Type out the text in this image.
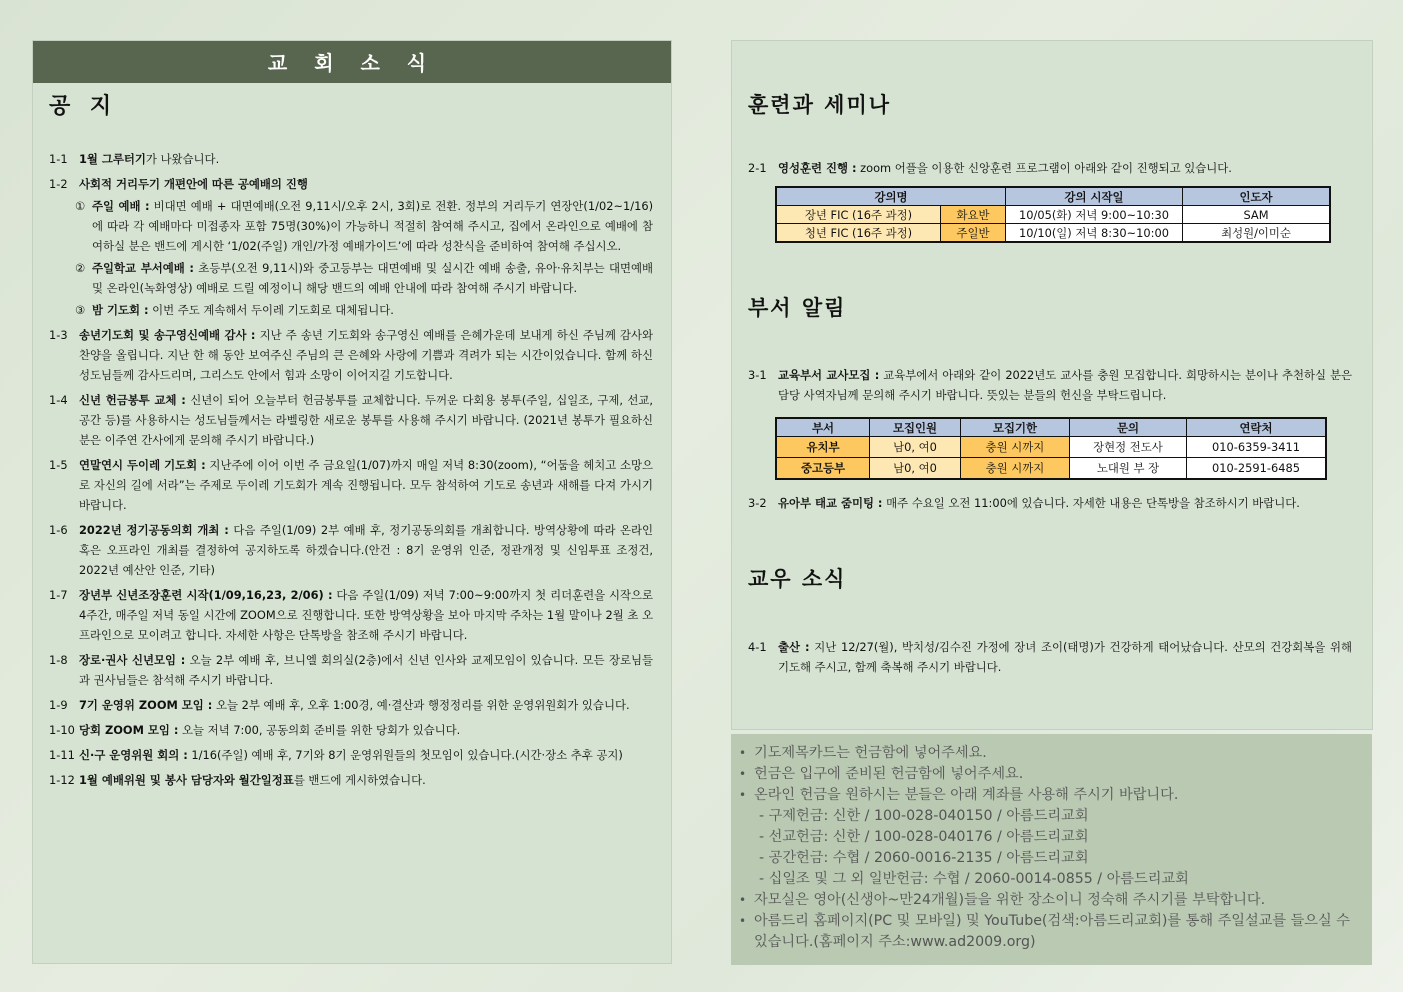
교 회 소 식
공 지
1-1 1월 그루터기가 나왔습니다.
1-2 사회적 거리두기 개편안에 따른 공예배의 진행
① 주일 예배 : 비대면 예배 + 대면예배(오전 9,11시/오후 2시, 3회)로 전환. 정부의 거리두기 연장안(1/02~1/16)에 따라 각 예배마다 미접종자 포함 75명(30%)이 가능하니 적절히 참여해 주시고, 집에서 온라인으로 예배에 참여하실 분은 밴드에 게시한 ‘1/02(주일) 개인/가정 예배가이드’에 따라 성찬식을 준비하여 참여해 주십시오.
② 주일학교 부서예배 : 초등부(오전 9,11시)와 중고등부는 대면예배 및 실시간 예배 송출, 유아·유치부는 대면예배 및 온라인(녹화영상) 예배로 드릴 예정이니 해당 밴드의 예배 안내에 따라 참여해 주시기 바랍니다.
③ 밤 기도회 : 이번 주도 계속해서 두이레 기도회로 대체됩니다.
1-3 송년기도회 및 송구영신예배 감사 : 지난 주 송년 기도회와 송구영신 예배를 은혜가운데 보내게 하신 주님께 감사와 찬양을 올립니다. 지난 한 해 동안 보여주신 주님의 큰 은혜와 사랑에 기쁨과 격려가 되는 시간이었습니다. 함께 하신 성도님들께 감사드리며, 그리스도 안에서 힘과 소망이 이어지길 기도합니다.
1-4 신년 헌금봉투 교체 : 신년이 되어 오늘부터 헌금봉투를 교체합니다. 두꺼운 다회용 봉투(주일, 십일조, 구제, 선교, 공간 등)를 사용하시는 성도님들께서는 라벨링한 새로운 봉투를 사용해 주시기 바랍니다. (2021년 봉투가 필요하신 분은 이주연 간사에게 문의해 주시기 바랍니다.)
1-5 연말연시 두이레 기도회 : 지난주에 이어 이번 주 금요일(1/07)까지 매일 저녁 8:30(zoom), “어둠을 헤치고 소망으로 자신의 길에 서라”는 주제로 두이레 기도회가 계속 진행됩니다. 모두 참석하여 기도로 송년과 새해를 다져 가시기 바랍니다.
1-6 2022년 정기공동의회 개최 : 다음 주일(1/09) 2부 예배 후, 정기공동의회를 개최합니다. 방역상황에 따라 온라인 혹은 오프라인 개최를 결정하여 공지하도록 하겠습니다.(안건 : 8기 운영위 인준, 정관개정 및 신임투표 조정건, 2022년 예산안 인준, 기타)
1-7 장년부 신년조장훈련 시작(1/09,16,23, 2/06) : 다음 주일(1/09) 저녁 7:00~9:00까지 첫 리더훈련을 시작으로 4주간, 매주일 저녁 동일 시간에 ZOOM으로 진행합니다. 또한 방역상황을 보아 마지막 주차는 1월 말이나 2월 초 오프라인으로 모이려고 합니다. 자세한 사항은 단톡방을 참조해 주시기 바랍니다.
1-8 장로·권사 신년모임 : 오늘 2부 예배 후, 브니엘 회의실(2층)에서 신년 인사와 교제모임이 있습니다. 모든 장로님들과 권사님들은 참석해 주시기 바랍니다.
1-9 7기 운영위 ZOOM 모임 : 오늘 2부 예배 후, 오후 1:00경, 예·결산과 행정정리를 위한 운영위원회가 있습니다.
1-10 당회 ZOOM 모임 : 오늘 저녁 7:00, 공동의회 준비를 위한 당회가 있습니다.
1-11 신·구 운영위원 회의 : 1/16(주일) 예배 후, 7기와 8기 운영위원들의 첫모임이 있습니다.(시간·장소 추후 공지)
1-12 1월 예배위원 및 봉사 담당자와 월간일정표를 밴드에 게시하였습니다.
훈련과 세미나
2-1 영성훈련 진행 : zoom 어플을 이용한 신앙훈련 프로그램이 아래와 같이 진행되고 있습니다.
강의명		강의 시작일	인도자
장년 FIC (16주 과정)	화요반	10/05(화) 저녁 9:00~10:30	SAM
청년 FIC (16주 과정)	주일반	10/10(일) 저녁 8:30~10:00	최성원/이미순
부서 알림
3-1 교육부서 교사모집 : 교육부에서 아래와 같이 2022년도 교사를 충원 모집합니다. 희망하시는 분이나 추천하실 분은 담당 사역자님께 문의해 주시기 바랍니다. 뜻있는 분들의 헌신을 부탁드립니다.
부서	모집인원	모집기한	문의	연락처
유치부	남0, 여0	충원 시까지	장현정 전도사	010-6359-3411
중고등부	남0, 여0	충원 시까지	노대원 부 장	010-2591-6485
3-2 유아부 태교 줌미팅 : 매주 수요일 오전 11:00에 있습니다. 자세한 내용은 단톡방을 참조하시기 바랍니다.
교우 소식
4-1 출산 : 지난 12/27(월), 박치성/김수진 가정에 장녀 조이(태명)가 건강하게 태어났습니다. 산모의 건강회복을 위해 기도해 주시고, 함께 축복해 주시기 바랍니다.
• 기도제목카드는 헌금함에 넣어주세요.
• 헌금은 입구에 준비된 헌금함에 넣어주세요.
• 온라인 헌금을 원하시는 분들은 아래 계좌를 사용해 주시기 바랍니다.
- 구제헌금: 신한 / 100-028-040150 / 아름드리교회
- 선교헌금: 신한 / 100-028-040176 / 아름드리교회
- 공간헌금: 수협 / 2060-0016-2135 / 아름드리교회
- 십일조 및 그 외 일반헌금: 수협 / 2060-0014-0855 / 아름드리교회
• 자모실은 영아(신생아~만24개월)들을 위한 장소이니 정숙해 주시기를 부탁합니다.
• 아름드리 홈페이지(PC 및 모바일) 및 YouTube(검색:아름드리교회)를 통해 주일설교를 들으실 수 있습니다.(홈페이지 주소:www.ad2009.org)
